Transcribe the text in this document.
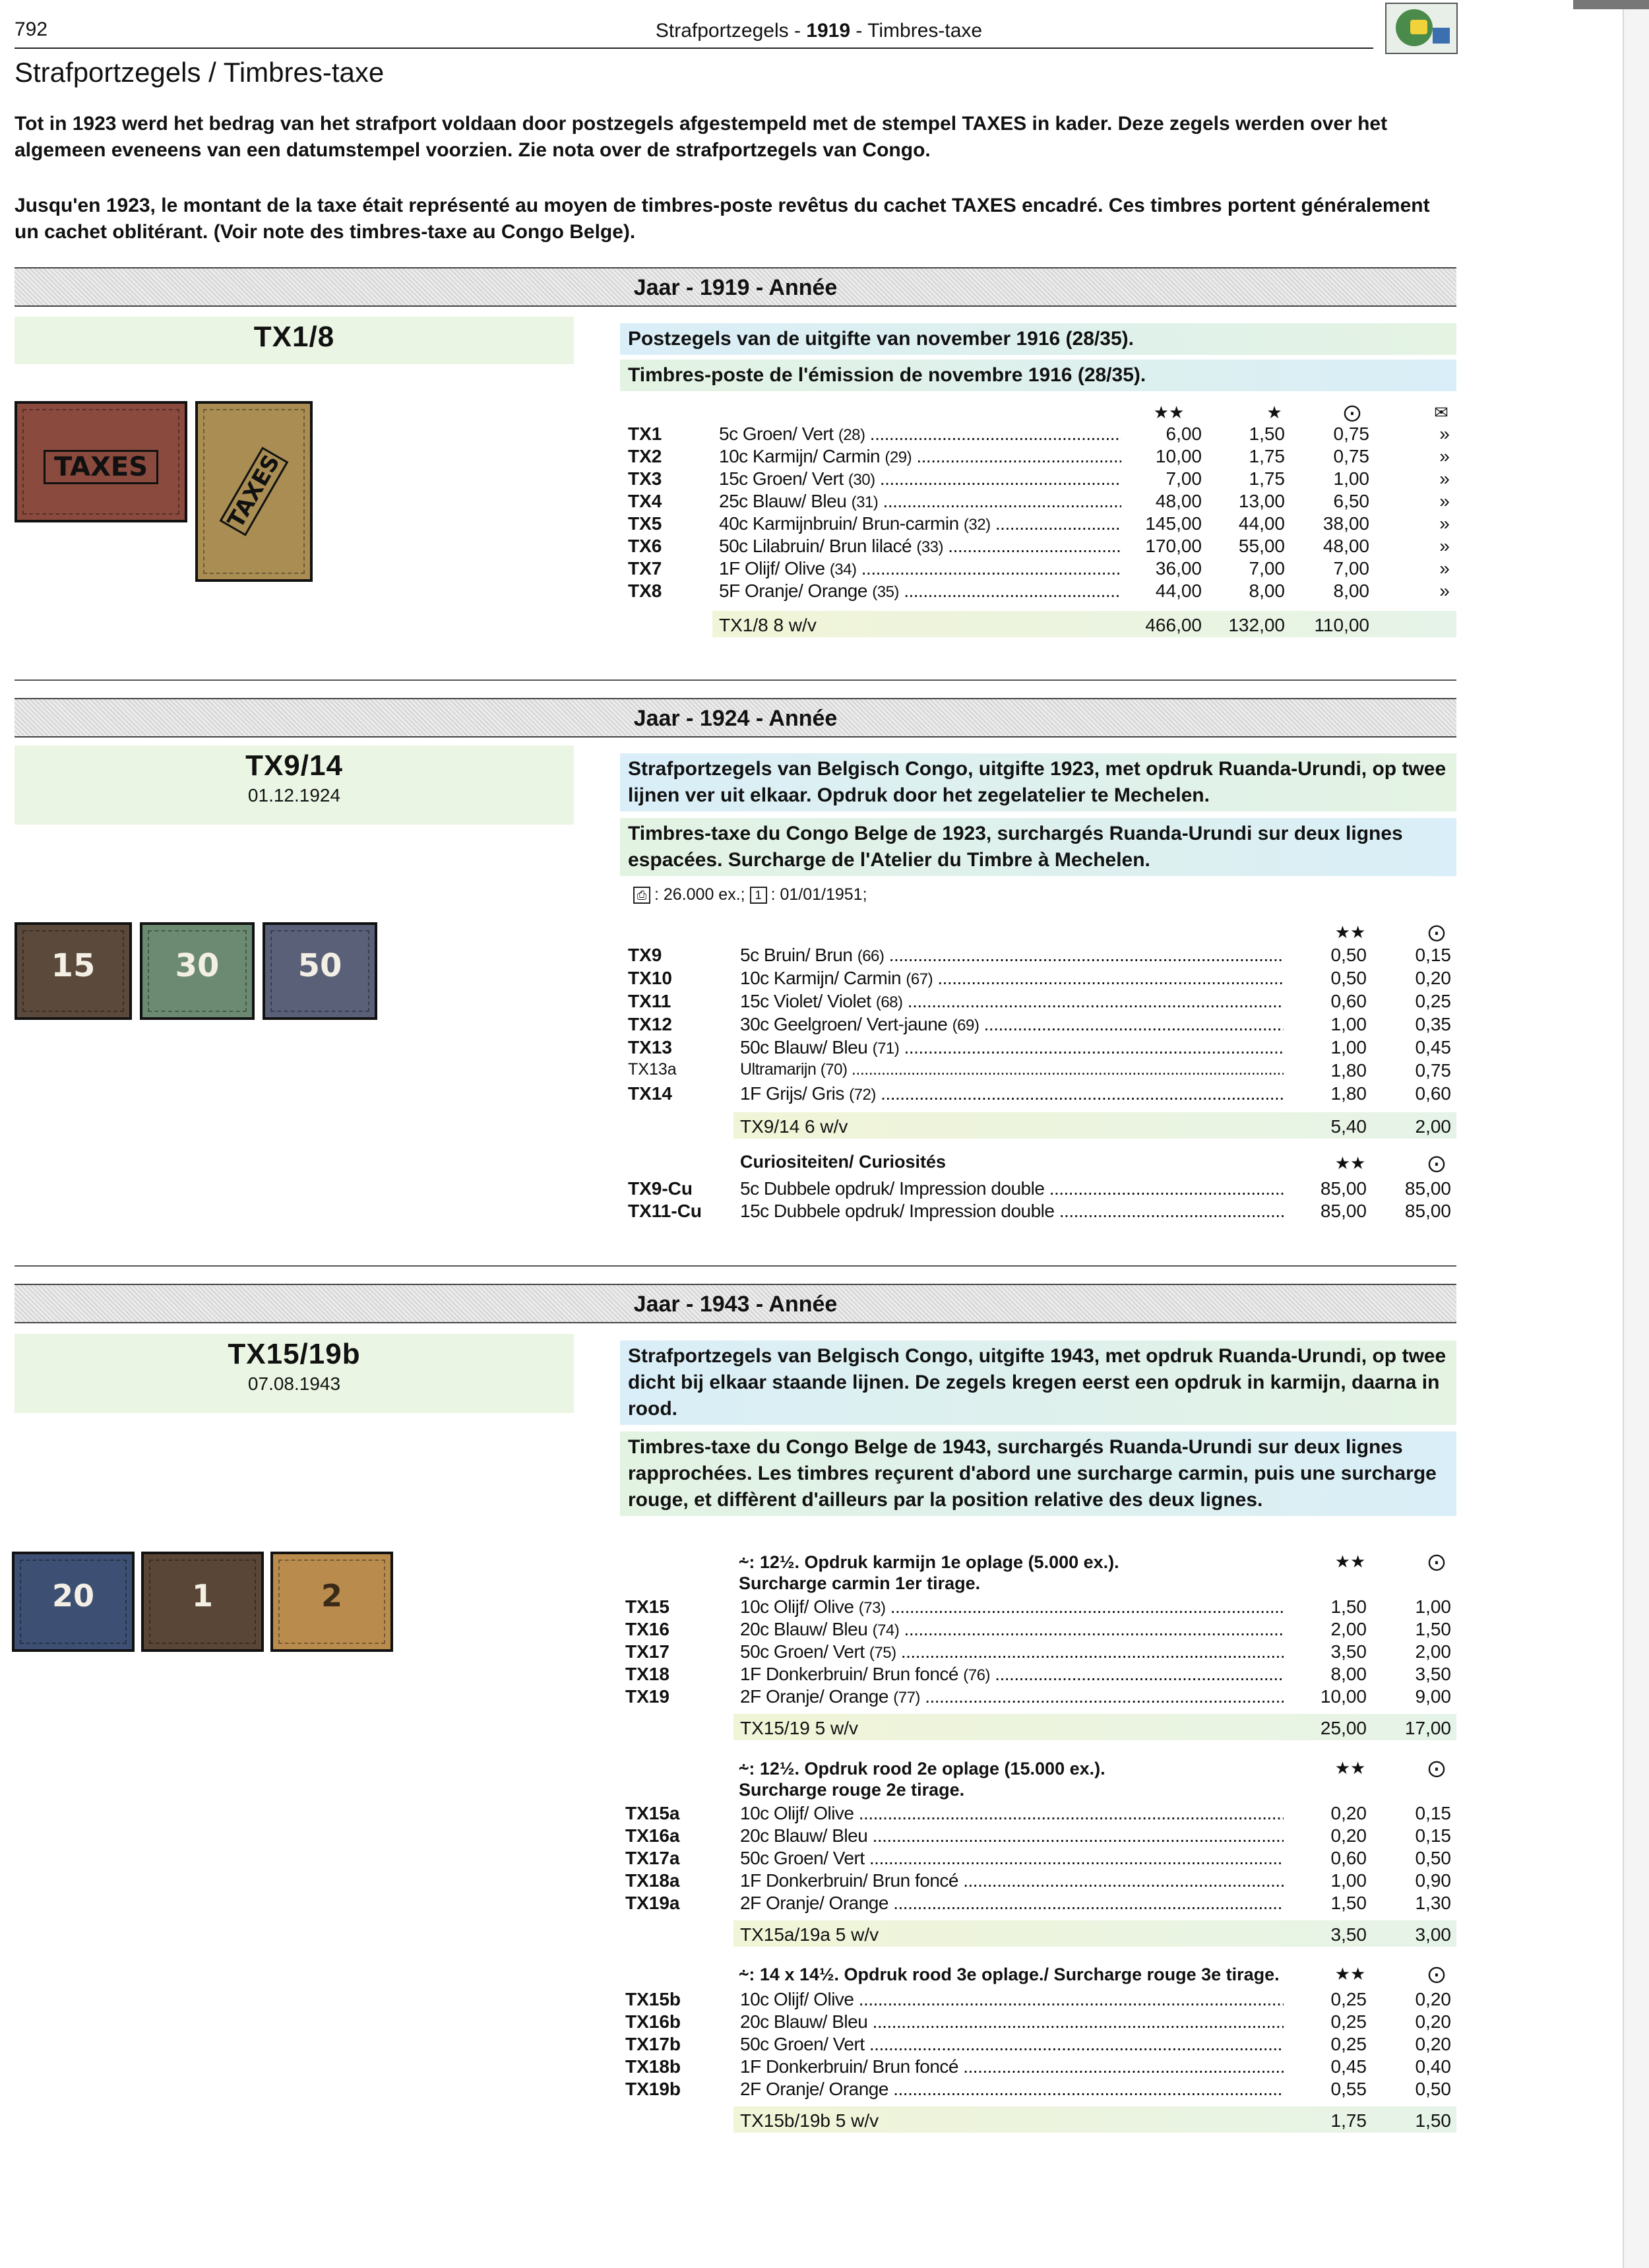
792	Strafportzegels - 1919 - Timbres-taxe
Strafportzegels / Timbres-taxe
Tot in 1923 werd het bedrag van het strafport voldaan door postzegels afgestempeld met de stempel TAXES in kader. Deze zegels werden over het algemeen eveneens van een datumstempel voorzien. Zie nota over de strafportzegels van Congo.
Jusqu'en 1923, le montant de la taxe était représenté au moyen de timbres-poste revêtus du cachet TAXES encadré. Ces timbres portent généralement un cachet oblitérant. (Voir note des timbres-taxe au Congo Belge).
Jaar - 1919 - Année
TX1/8	Postzegels van de uitgifte van november 1916 (28/35).
Timbres-poste de l'émission de novembre 1916 (28/35).
TAXES	TAXES
★★	★	⨀	✉
TX1	5c Groen/ Vert (28) .....	6,00	1,50	0,75	»
TX2	10c Karmijn/ Carmin (29) .....	10,00	1,75	0,75	»
TX3	15c Groen/ Vert (30) .....	7,00	1,75	1,00	»
TX4	25c Blauw/ Bleu (31) .....	48,00	13,00	6,50	»
TX5	40c Karmijnbruin/ Brun-carmin (32) .....	145,00	44,00	38,00	»
TX6	50c Lilabruin/ Brun lilacé (33) .....	170,00	55,00	48,00	»
TX7	1F Olijf/ Olive (34) .....	36,00	7,00	7,00	»
TX8	5F Oranje/ Orange (35) .....	44,00	8,00	8,00	»
TX1/8 8 w/v	466,00	132,00	110,00
Jaar - 1924 - Année
TX9/14
01.12.1924
Strafportzegels van Belgisch Congo, uitgifte 1923, met opdruk Ruanda-Urundi, op twee lijnen ver uit elkaar. Opdruk door het zegelatelier te Mechelen.
Timbres-taxe du Congo Belge de 1923, surchargés Ruanda-Urundi sur deux lignes espacées. Surcharge de l'Atelier du Timbre à Mechelen.
⎙ : 26.000 ex.; 1 : 01/01/1951;
15	30	50
★★	⨀
TX9	5c Bruin/ Brun (66) .....	0,50	0,15
TX10	10c Karmijn/ Carmin (67) .....	0,50	0,20
TX11	15c Violet/ Violet (68) .....	0,60	0,25
TX12	30c Geelgroen/ Vert-jaune (69) .....	1,00	0,35
TX13	50c Blauw/ Bleu (71) .....	1,00	0,45
TX13a	Ultramarijn (70) .....	1,80	0,75
TX14	1F Grijs/ Gris (72) .....	1,80	0,60
TX9/14 6 w/v	5,40	2,00
Curiositeiten/ Curiosités	★★	⨀
TX9-Cu	5c Dubbele opdruk/ Impression double .....	85,00	85,00
TX11-Cu 15c Dubbele opdruk/ Impression double .....	85,00	85,00
Jaar - 1943 - Année
TX15/19b
07.08.1943
Strafportzegels van Belgisch Congo, uitgifte 1943, met opdruk Ruanda-Urundi, op twee dicht bij elkaar staande lijnen. De zegels kregen eerst een opdruk in karmijn, daarna in rood.
Timbres-taxe du Congo Belge de 1943, surchargés Ruanda-Urundi sur deux lignes rapprochées. Les timbres reçurent d'abord une surcharge carmin, puis une surcharge rouge, et diffèrent d'ailleurs par la position relative des deux lignes.
20	1	2
⸞: 12½. Opdruk karmijn 1e oplage (5.000 ex.).
Surcharge carmin 1er tirage.
★★	⨀
TX15	10c Olijf/ Olive (73) .....	1,50	1,00
TX16	20c Blauw/ Bleu (74) .....	2,00	1,50
TX17	50c Groen/ Vert (75) .....	3,50	2,00
TX18	1F Donkerbruin/ Brun foncé (76) .....	8,00	3,50
TX19	2F Oranje/ Orange (77) .....	10,00	9,00
TX15/19 5 w/v	25,00	17,00
⸞: 12½. Opdruk rood 2e oplage (15.000 ex.).
Surcharge rouge 2e tirage.
★★	⨀
TX15a	10c Olijf/ Olive .....	0,20	0,15
TX16a	20c Blauw/ Bleu .....	0,20	0,15
TX17a	50c Groen/ Vert .....	0,60	0,50
TX18a	1F Donkerbruin/ Brun foncé .....	1,00	0,90
TX19a	2F Oranje/ Orange .....	1,50	1,30
TX15a/19a 5 w/v	3,50	3,00
⸞: 14 x 14½. Opdruk rood 3e oplage./ Surcharge rouge 3e tirage.	★★	⨀
TX15b	10c Olijf/ Olive .....	0,25	0,20
TX16b	20c Blauw/ Bleu .....	0,25	0,20
TX17b	50c Groen/ Vert .....	0,25	0,20
TX18b	1F Donkerbruin/ Brun foncé .....	0,45	0,40
TX19b	2F Oranje/ Orange .....	0,55	0,50
TX15b/19b 5 w/v	1,75	1,50
